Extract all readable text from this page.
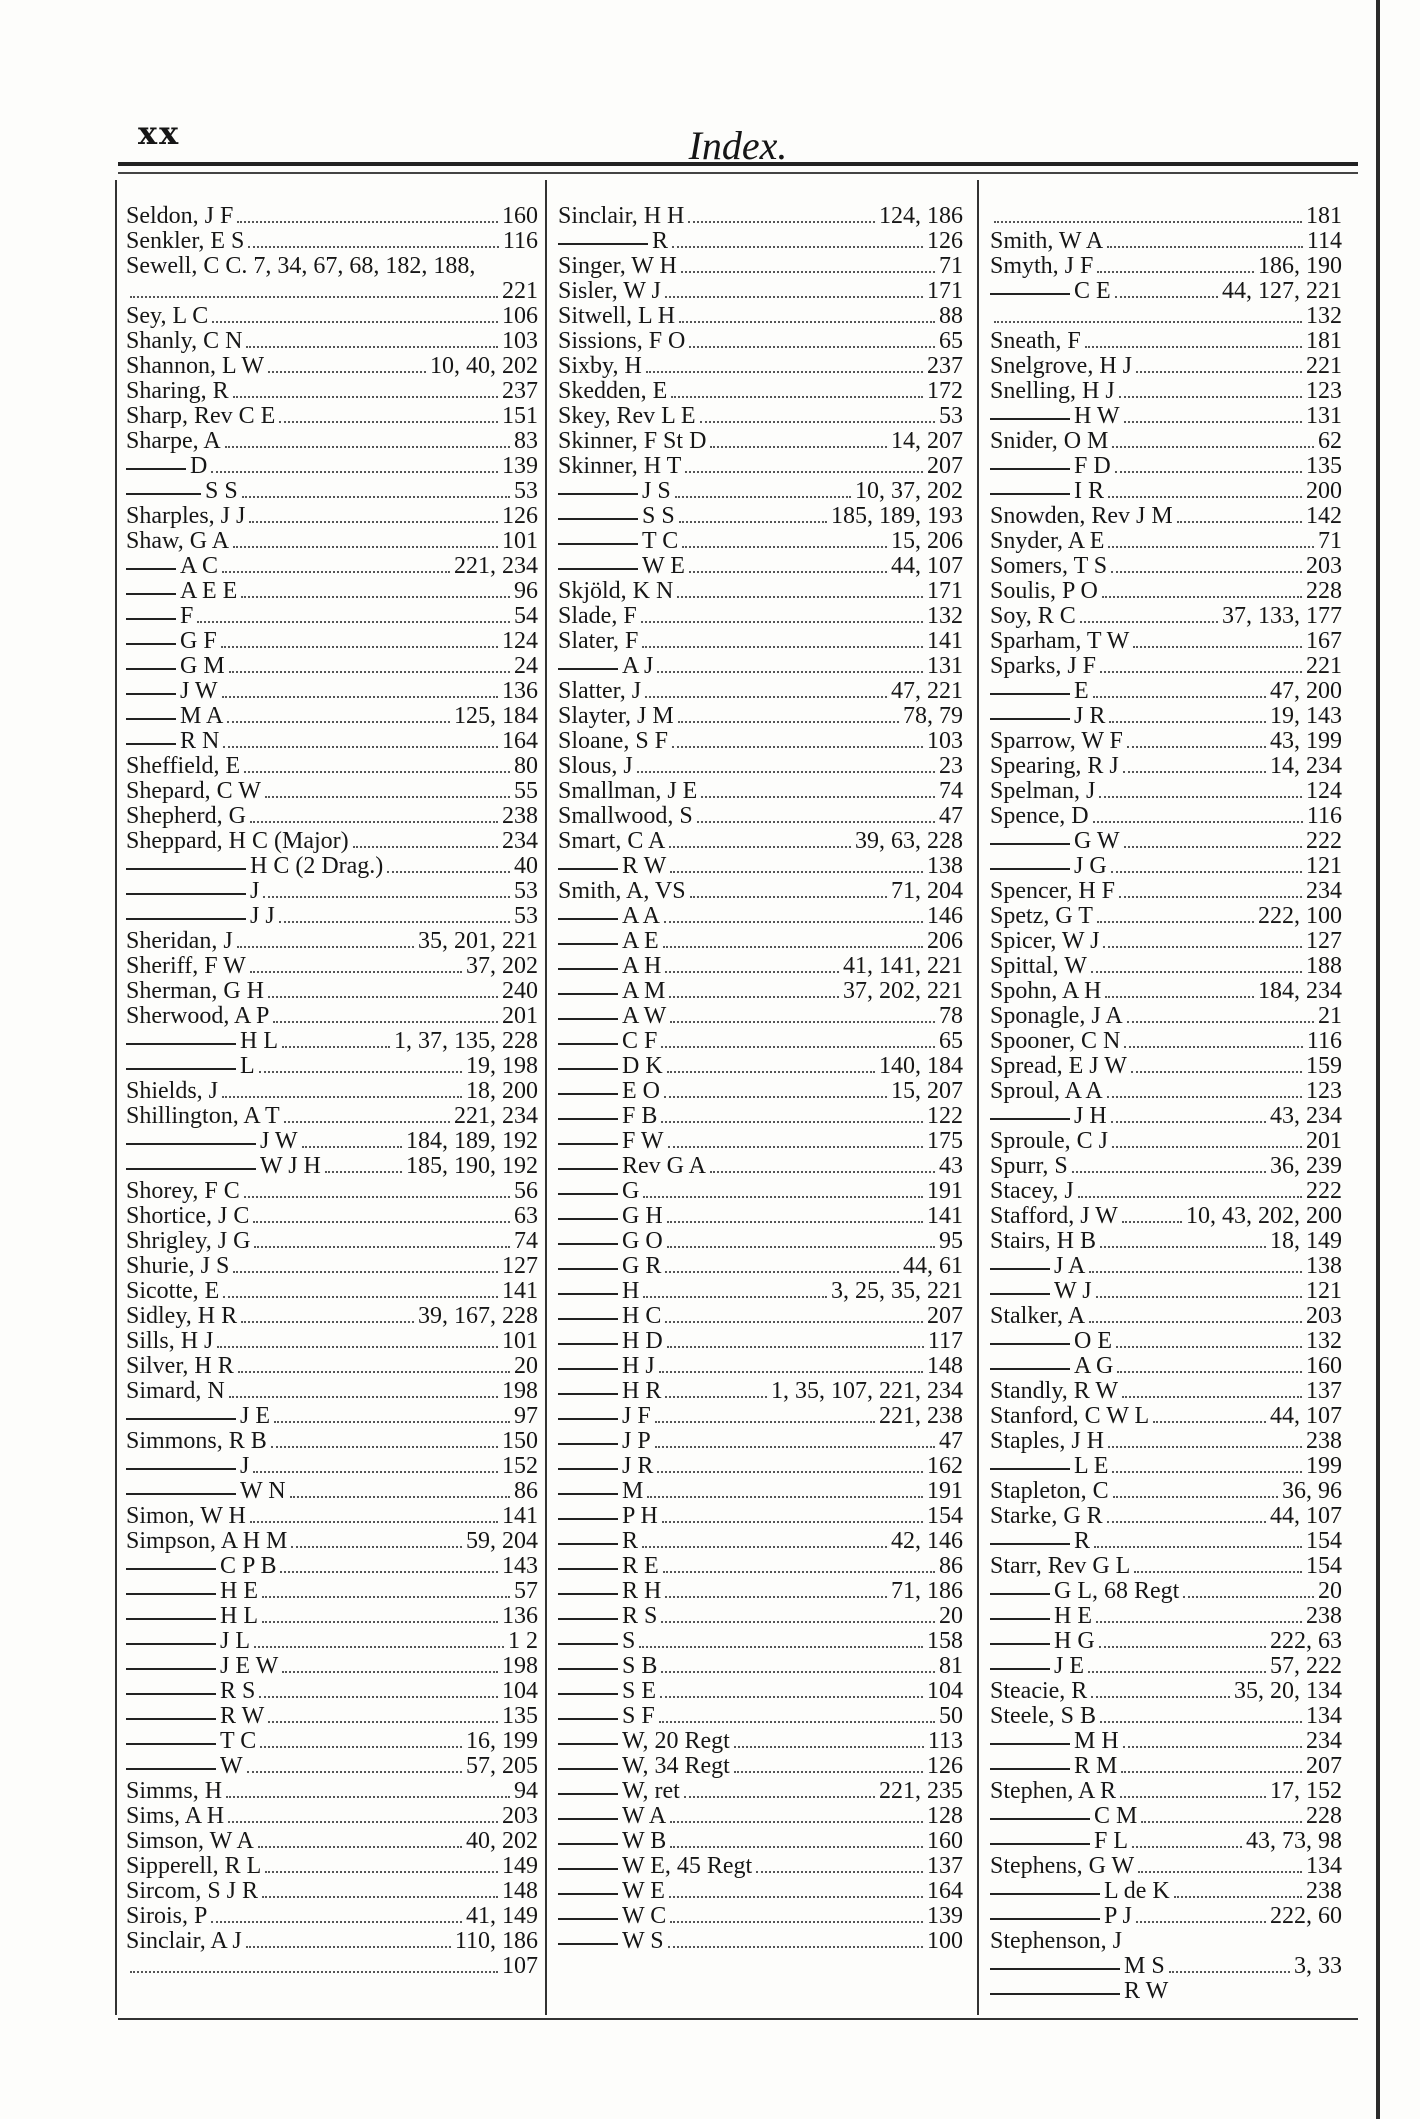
xx	Index.
Seldon, J F	160
Senkler, E S	116
Sewell, C C. 7, 34, 67, 68, 182, 188,
221
Sey, L C	106
Shanly, C N	103
Shannon, L W	10, 40, 202
Sharing, R	237
Sharp, Rev C E	151
Sharpe, A	83
D	139
S S	53
Sharples, J J	126
Shaw, G A	101
A C	221, 234
A E E	96
F	54
G F	124
G M	24
J W	136
M A	125, 184
R N	164
Sheffield, E	80
Shepard, C W	55
Shepherd, G	238
Sheppard, H C (Major)	234
H C (2 Drag.)	40
J	53
J J	53
Sheridan, J	35, 201, 221
Sheriff, F W	37, 202
Sherman, G H	240
Sherwood, A P	201
H L	1, 37, 135, 228
L	19, 198
Shields, J	18, 200
Shillington, A T	221, 234
J W	184, 189, 192
W J H	185, 190, 192
Shorey, F C	56
Shortice, J C	63
Shrigley, J G	74
Shurie, J S	127
Sicotte, E	141
Sidley, H R	39, 167, 228
Sills, H J	101
Silver, H R	20
Simard, N	198
J E	97
Simmons, R B	150
J	152
W N	86
Simon, W H	141
Simpson, A H M	59, 204
C P B	143
H E	57
H L	136
J L	1 2
J E W	198
R S	104
R W	135
T C	16, 199
W	57, 205
Simms, H	94
Sims, A H	203
Simson, W A	40, 202
Sipperell, R L	149
Sircom, S J R	148
Sirois, P	41, 149
Sinclair, A J	110, 186
107
Sinclair, H H	124, 186
R	126
Singer, W H	71
Sisler, W J	171
Sitwell, L H	88
Sissions, F O	65
Sixby, H	237
Skedden, E	172
Skey, Rev L E	53
Skinner, F St D	14, 207
Skinner, H T	207
J S	10, 37, 202
S S	185, 189, 193
T C	15, 206
W E	44, 107
Skjöld, K N	171
Slade, F	132
Slater, F	141
A J	131
Slatter, J	47, 221
Slayter, J M	78, 79
Sloane, S F	103
Slous, J	23
Smallman, J E	74
Smallwood, S	47
Smart, C A	39, 63, 228
R W	138
Smith, A, VS	71, 204
A A	146
A E	206
A H	41, 141, 221
A M	37, 202, 221
A W	78
C F	65
D K	140, 184
E O	15, 207
F B	122
F W	175
Rev G A	43
G	191
G H	141
G O	95
G R	44, 61
H	3, 25, 35, 221
H C	207
H D	117
H J	148
H R	1, 35, 107, 221, 234
J F	221, 238
J P	47
J R	162
M	191
P H	154
R	42, 146
R E	86
R H	71, 186
R S	20
S	158
S B	81
S E	104
S F	50
W, 20 Regt	113
W, 34 Regt	126
W, ret	221, 235
W A	128
W B	160
W E, 45 Regt	137
W E	164
W C	139
W S	100
181
Smith, W A	114
Smyth, J F	186, 190
C E	44, 127, 221
132
Sneath, F	181
Snelgrove, H J	221
Snelling, H J	123
H W	131
Snider, O M	62
F D	135
I R	200
Snowden, Rev J M	142
Snyder, A E	71
Somers, T S	203
Soulis, P O	228
Soy, R C	37, 133, 177
Sparham, T W	167
Sparks, J F	221
E	47, 200
J R	19, 143
Sparrow, W F	43, 199
Spearing, R J	14, 234
Spelman, J	124
Spence, D	116
G W	222
J G	121
Spencer, H F	234
Spetz, G T	222, 100
Spicer, W J	127
Spittal, W	188
Spohn, A H	184, 234
Sponagle, J A	21
Spooner, C N	116
Spread, E J W	159
Sproul, A A	123
J H	43, 234
Sproule, C J	201
Spurr, S	36, 239
Stacey, J	222
Stafford, J W	10, 43, 202, 200
Stairs, H B	18, 149
J A	138
W J	121
Stalker, A	203
O E	132
A G	160
Standly, R W	137
Stanford, C W L	44, 107
Staples, J H	238
L E	199
Stapleton, C	36, 96
Starke, G R	44, 107
R	154
Starr, Rev G L	154
G L, 68 Regt	20
H E	238
H G	222, 63
J E	57, 222
Steacie, R	35, 20, 134
Steele, S B	134
M H	234
R M	207
Stephen, A R	17, 152
C M	228
F L	43, 73, 98
Stephens, G W	134
L de K	238
P J	222, 60
Stephenson, J
M S	3, 33
R W
